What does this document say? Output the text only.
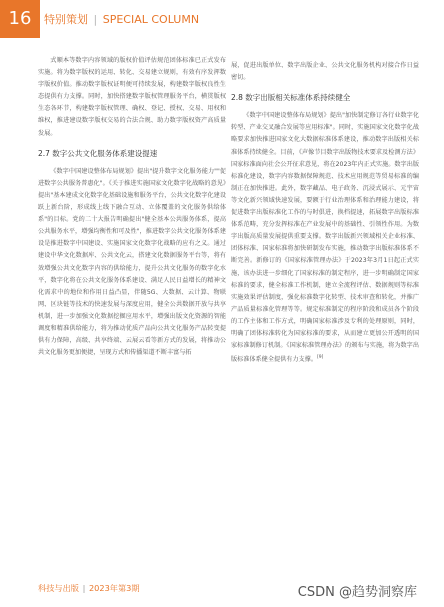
16	特别策划 | SPECIAL COLUMN

式顺本等数字内容领域的版权价值评估规范团体标准已正式发布实施。将为数字版权的运用、转化、交易建立规则，有效有序发挥数字版权价值。推动数字版权证明便可持续发展，构建数字版权良性生态提供有力支撑。同时，加快搭建数字版权管理服务平台，横贯版权生态各环节，构建数字版权管理、确权、登记、授权、交易、用权和维权，推进建设数字版权交易的合法合规、助力数字版权资产高质量发展。

2.7 数字公共文化服务体系建设提速

《数字中国建设整体布局规划》提出"提升数字文化服务能力""促进数字公共服务普惠化"。《关于推进实施国家文化数字化战略的意见》提出"基本建成文化数字化基础设施和服务平台，公共文化数字化建设跃上新台阶，形成线上线下融合互动、立体覆盖的文化服务供给体系"的目标。党的二十大报告明确提出"健全基本公共服务体系，提高公共服务水平，增强均衡性和可及性"，推进数字公共文化服务体系建设是推进数字中国建设、实施国家文化数字化战略的应有之义。通过建设中华文化数据库、公共文化云，搭建文化数据服务平台等，将有效增强公共文化数字内容的供给能力，提升公共文化服务的数字化水平，数字化将在公共文化服务体系建设、满足人民日益增长的精神文化需求中的地位和作用日益凸显，伴随5G、大数据、云计算、物联网、区块链等技术的快速发展与深度应用，健全公共数据开放与共享机制，进一步加强文化数据挖掘应用水平，增强出版文化资源的智能调度和精准供给能力，将为推动优质产品向公共文化服务产品转变提供有力保障，高级、共享终端、云展云看等新方式的发展，将推动公共文化服务更加便捷，呈现方式和传播渠道不断丰富与拓

展，促进出版单位、数字出版企业、公共文化服务机构对接合作日益密切。

2.8 数字出版相关标准体系持续健全

《数字中国建设整体布局规划》提出"加快制定修订各行业数字化转型、产业交叉融合发展等应用标准"。同时，实施国家文化数字化战略要求加快推进国家文化大数据标准体系建设，推动数字出版相关标准体系持续健全。目前，《声像节目数字出版物技术要求及检测方法》国家标准面向社会公开征求意见，将在2023年内正式实施。数字出版标准化建设，数字内容数据保障规范、技术应用规范等贸易标准的编制正在加快推进。此外，数字藏品、电子政务、沉浸式展示、元宇宙等文化新兴领域快速发展，要额于行业治理体系和治理能力建设，将促进数字出版标准化工作的与时俱进，换档提速，拓展数字出版标准体系范畴，充分发挥标准在产业发展中的基础性、引领性作用。为数字出版高质量发展提供重要支撑。数字出版新兴领域相关企业标准、团体标准、国家标准将加快研制发布实施，推动数字出版标准体系不断完善。新修订的《国家标准管理办法》于2023年3月1日起正式实施，该办法进一步细化了国家标准的制定程序，进一步明确制定国家标准的要求，健全标准工作机制，建立全流程评估、数据规则等标准实施效果评估制度，强化标准数字化转型、技术审查和转化，并推广产品质量标准化管理等等。规定标准制定的程序阶段和成员各个阶段的工作主体和工作方式，明确国家标准涉及专利的处理原则，同时，明确了团体标准转化为国家标准的要求，从而建立更加公开透明的国家标准制修订机制。《国家标准管理办法》的颁布与实施，将为数字出版标准体系健全提供有力支撑。[9]

科技与出版 | 2023年第3期	CSDN @趋势洞察库
